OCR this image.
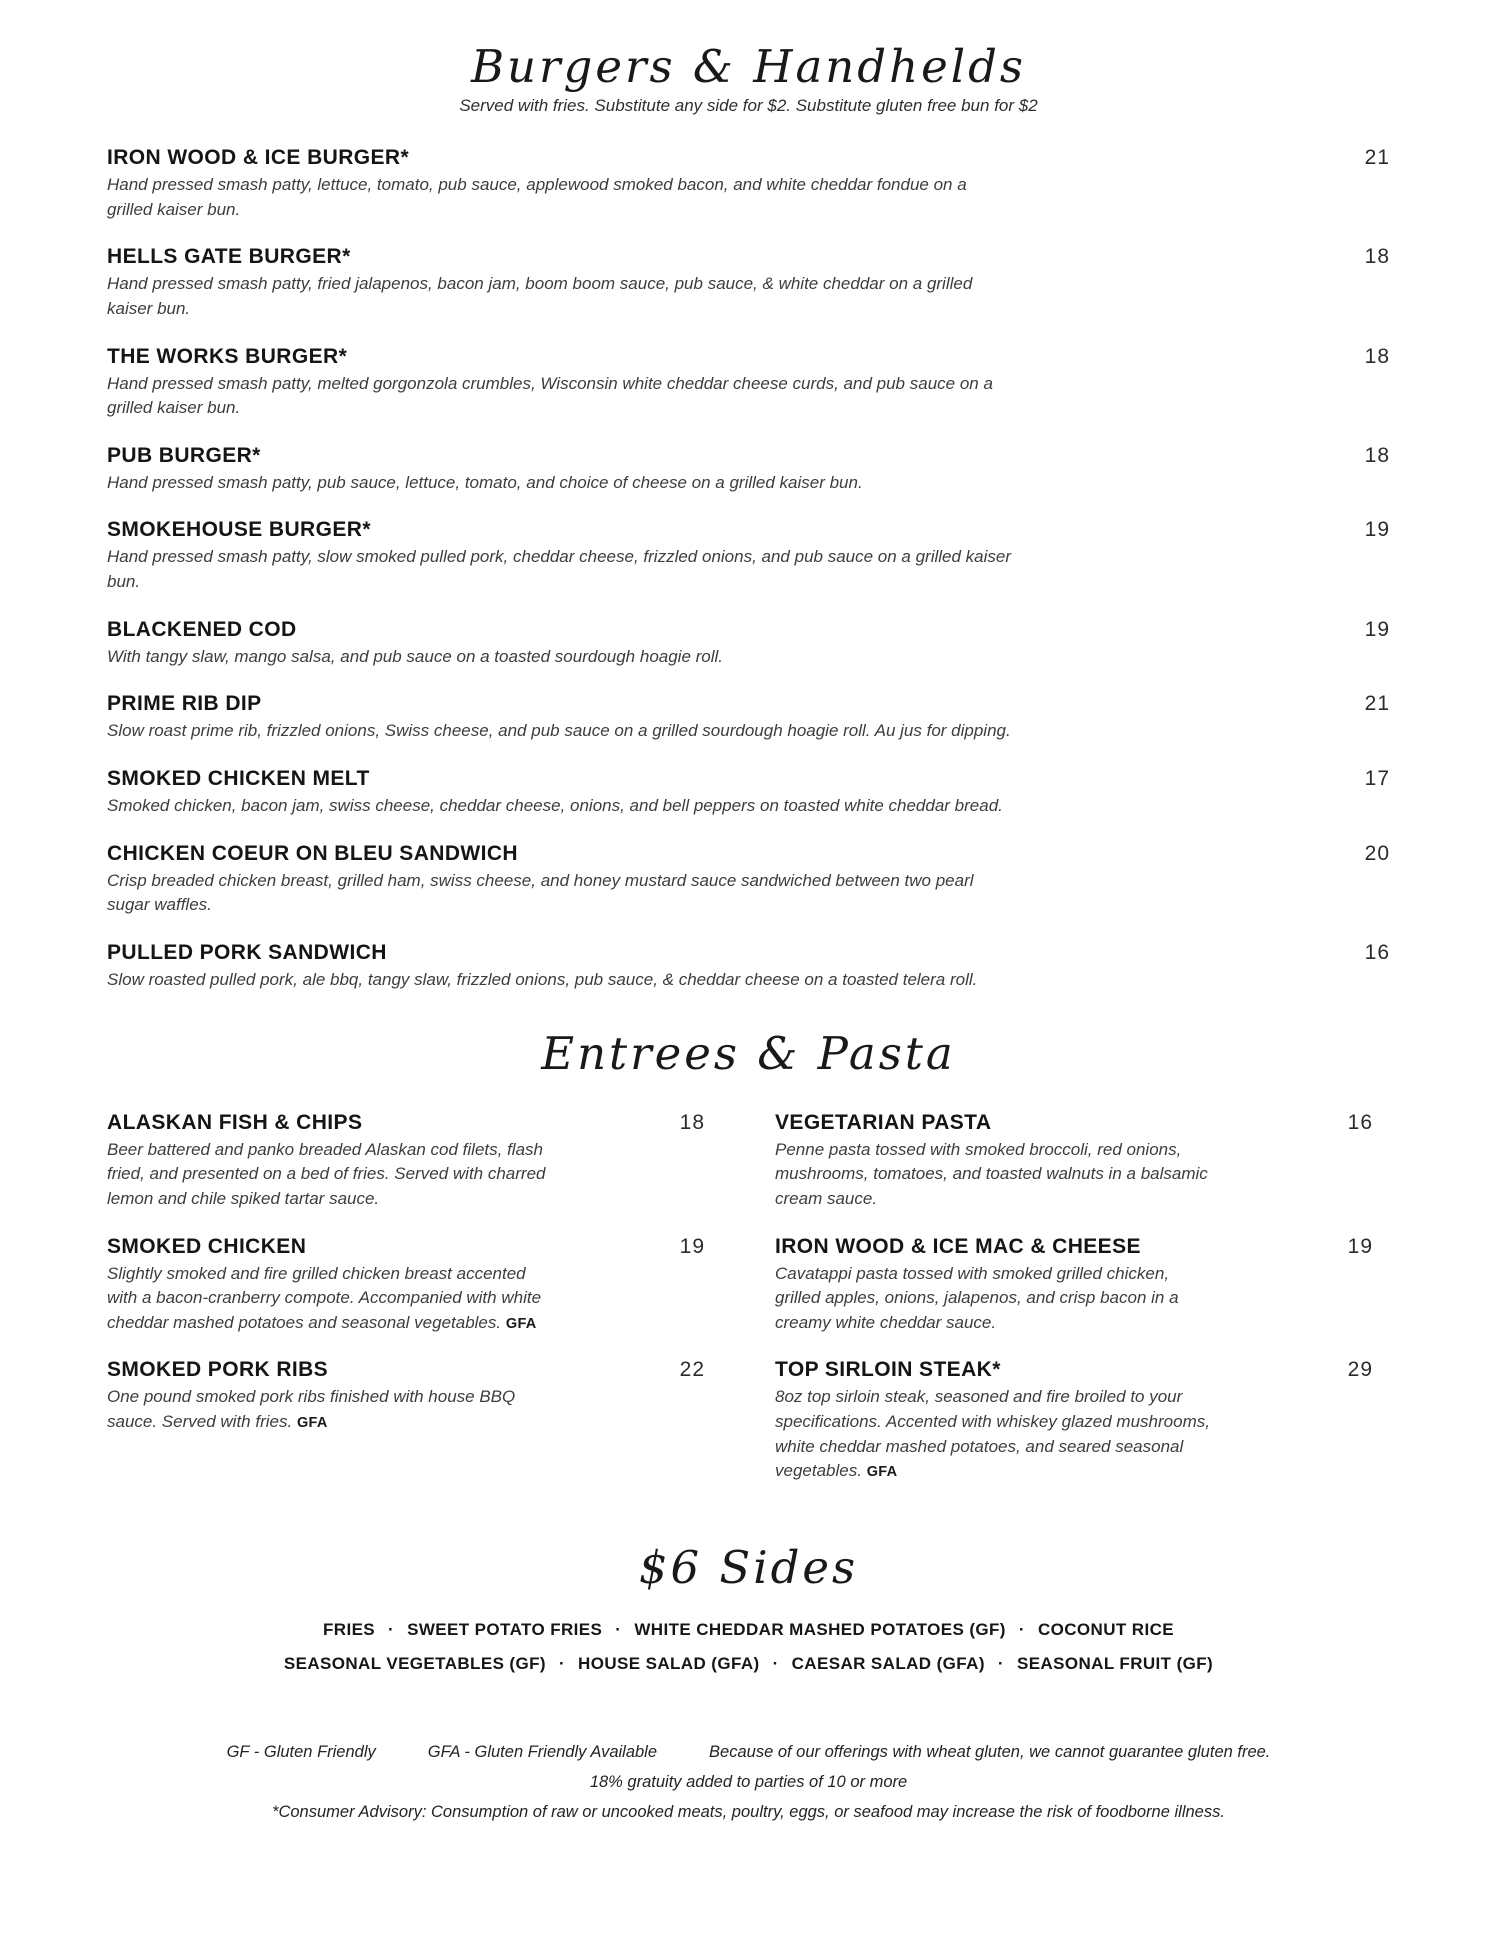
Burgers & Handhelds
Served with fries. Substitute any side for $2. Substitute gluten free bun for $2
IRON WOOD & ICE BURGER*	21

Hand pressed smash patty, lettuce, tomato, pub sauce, applewood smoked bacon, and white cheddar fondue on a grilled kaiser bun.

HELLS GATE BURGER*	18

Hand pressed smash patty, fried jalapenos, bacon jam, boom boom sauce, pub sauce, & white cheddar on a grilled kaiser bun.

THE WORKS BURGER*	18

Hand pressed smash patty, melted gorgonzola crumbles, Wisconsin white cheddar cheese curds, and pub sauce on a grilled kaiser bun.

PUB BURGER*	18

Hand pressed smash patty, pub sauce, lettuce, tomato, and choice of cheese on a grilled kaiser bun.

SMOKEHOUSE BURGER*	19

Hand pressed smash patty, slow smoked pulled pork, cheddar cheese, frizzled onions, and pub sauce on a grilled kaiser bun.

BLACKENED COD	19

With tangy slaw, mango salsa, and pub sauce on a toasted sourdough hoagie roll.

PRIME RIB DIP	21

Slow roast prime rib, frizzled onions, Swiss cheese, and pub sauce on a grilled sourdough hoagie roll. Au jus for dipping.

SMOKED CHICKEN MELT	17

Smoked chicken, bacon jam, swiss cheese, cheddar cheese, onions, and bell peppers on toasted white cheddar bread.

CHICKEN COEUR ON BLEU SANDWICH	20

Crisp breaded chicken breast, grilled ham, swiss cheese, and honey mustard sauce sandwiched between two pearl sugar waffles.

PULLED PORK SANDWICH	16

Slow roasted pulled pork, ale bbq, tangy slaw, frizzled onions, pub sauce, & cheddar cheese on a toasted telera roll.

Entrees & Pasta
ALASKAN FISH & CHIPS	18

Beer battered and panko breaded Alaskan cod filets, flash fried, and presented on a bed of fries. Served with charred lemon and chile spiked tartar sauce.

SMOKED CHICKEN	19

Slightly smoked and fire grilled chicken breast accented with a bacon-cranberry compote. Accompanied with white cheddar mashed potatoes and seasonal vegetables. GFA

SMOKED PORK RIBS	22

One pound smoked pork ribs finished with house BBQ sauce. Served with fries. GFA

VEGETARIAN PASTA	16

Penne pasta tossed with smoked broccoli, red onions, mushrooms, tomatoes, and toasted walnuts in a balsamic cream sauce.

IRON WOOD & ICE MAC & CHEESE	19

Cavatappi pasta tossed with smoked grilled chicken, grilled apples, onions, jalapenos, and crisp bacon in a creamy white cheddar sauce.

TOP SIRLOIN STEAK*	29

8oz top sirloin steak, seasoned and fire broiled to your specifications. Accented with whiskey glazed mushrooms, white cheddar mashed potatoes, and seared seasonal vegetables. GFA

$6 Sides
FRIES · SWEET POTATO FRIES · WHITE CHEDDAR MASHED POTATOES (GF) · COCONUT RICE
SEASONAL VEGETABLES (GF) · HOUSE SALAD (GFA) · CAESAR SALAD (GFA) · SEASONAL FRUIT (GF)
GF - Gluten Friendly	GFA - Gluten Friendly Available	Because of our offerings with wheat gluten, we cannot guarantee gluten free.
18% gratuity added to parties of 10 or more
*Consumer Advisory: Consumption of raw or uncooked meats, poultry, eggs, or seafood may increase the risk of foodborne illness.
